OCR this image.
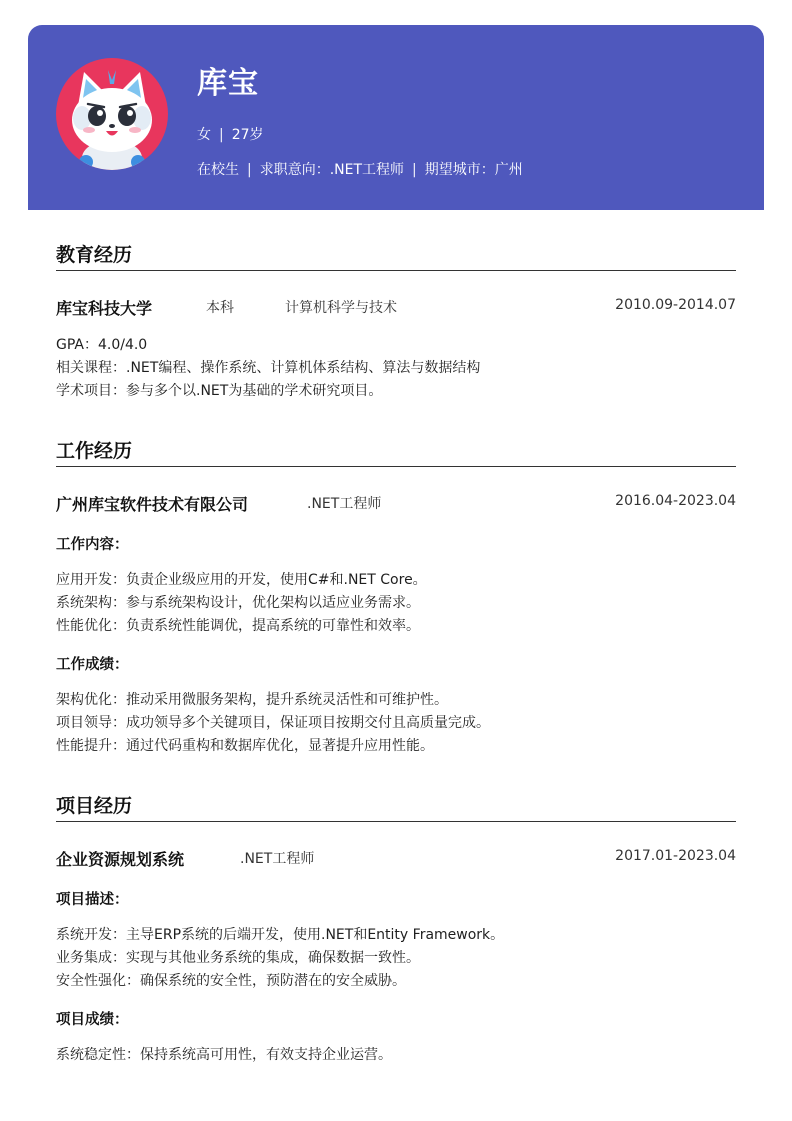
库宝
女 | 27岁
在校生 | 求职意向：.NET工程师 | 期望城市：广州
教育经历
库宝科技大学	本科	计算机科学与技术	2010.09-2014.07
GPA：4.0/4.0
相关课程：.NET编程、操作系统、计算机体系结构、算法与数据结构
学术项目：参与多个以.NET为基础的学术研究项目。
工作经历
广州库宝软件技术有限公司	.NET工程师	2016.04-2023.04
工作内容：
应用开发：负责企业级应用的开发，使用C#和.NET Core。
系统架构：参与系统架构设计，优化架构以适应业务需求。
性能优化：负责系统性能调优，提高系统的可靠性和效率。
工作成绩：
架构优化：推动采用微服务架构，提升系统灵活性和可维护性。
项目领导：成功领导多个关键项目，保证项目按期交付且高质量完成。
性能提升：通过代码重构和数据库优化，显著提升应用性能。
项目经历
企业资源规划系统	.NET工程师	2017.01-2023.04
项目描述：
系统开发：主导ERP系统的后端开发，使用.NET和Entity Framework。
业务集成：实现与其他业务系统的集成，确保数据一致性。
安全性强化：确保系统的安全性，预防潜在的安全威胁。
项目成绩：
系统稳定性：保持系统高可用性，有效支持企业运营。
